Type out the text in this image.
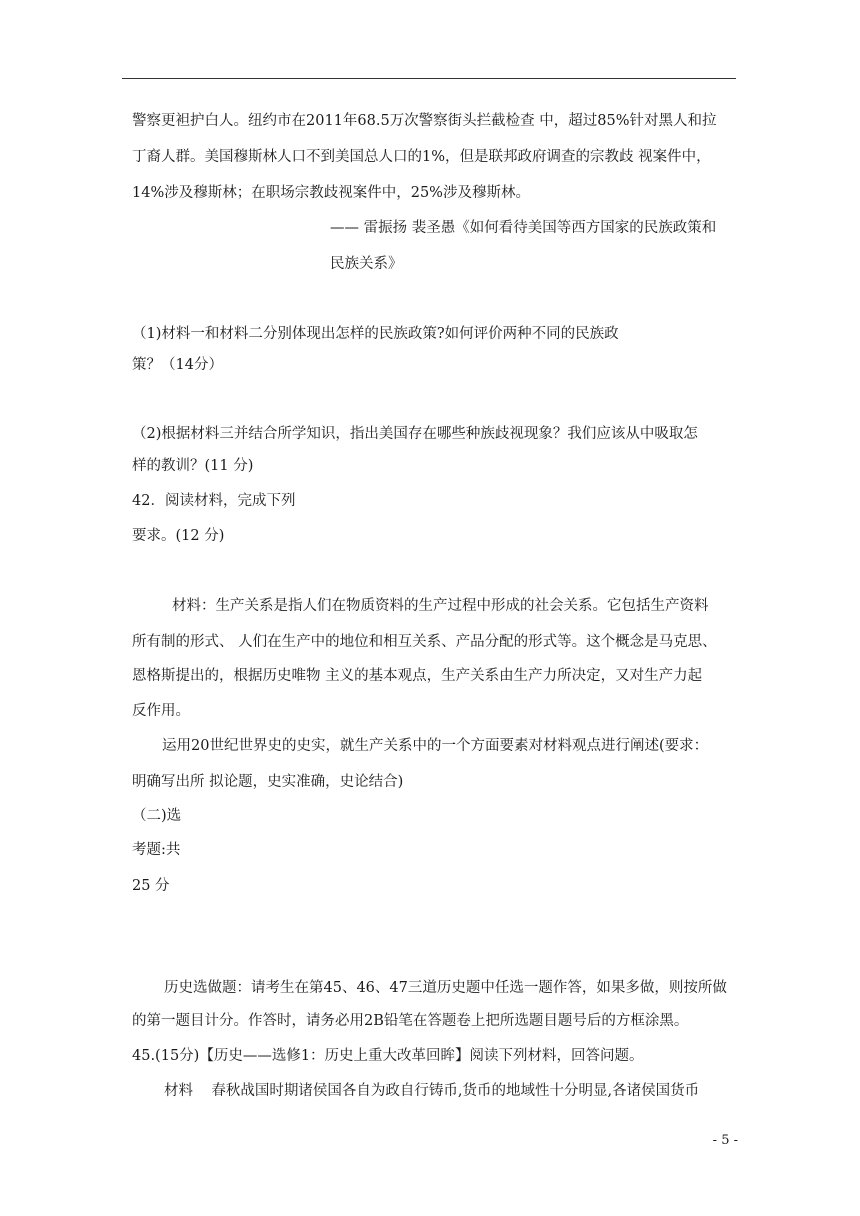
警察更袒护白人。纽约市在2011年68.5万次警察街头拦截检查 中，超过85%针对黑人和拉
丁裔人群。美国穆斯林人口不到美国总人口的1%，但是联邦政府调查的宗教歧 视案件中，
14%涉及穆斯林；在职场宗教歧视案件中，25%涉及穆斯林。
—— 雷振扬 裴圣愚《如何看待美国等西方国家的民族政策和
民族关系》
（1)材料一和材料二分别体现出怎样的民族政策?如何评价两种不同的民族政
策？（14分）
（2)根据材料三并结合所学知识，指出美国存在哪些种族歧视现象？我们应该从中吸取怎
样的教训？(11 分)
42．阅读材料，完成下列
要求。(12 分)
材料：生产关系是指人们在物质资料的生产过程中形成的社会关系。它包括生产资料
所有制的形式、 人们在生产中的地位和相互关系、产品分配的形式等。这个概念是马克思、
恩格斯提出的，根据历史唯物 主义的基本观点，生产关系由生产力所决定，又对生产力起
反作用。
运用20世纪世界史的史实，就生产关系中的一个方面要素对材料观点进行阐述(要求：
明确写出所 拟论题，史实准确，史论结合)
（二)选
考题:共
25 分
历史选做题：请考生在第45、46、47三道历史题中任选一题作答，如果多做，则按所做
的第一题目计分。作答时，请务必用2B铅笔在答题卷上把所选题目题号后的方框涂黑。
45.(15分)【历史——选修1：历史上重大改革回眸】阅读下列材料，回答问题。
材料    春秋战国时期诸侯国各自为政自行铸币,货币的地域性十分明显,各诸侯国货币
- 5 -
